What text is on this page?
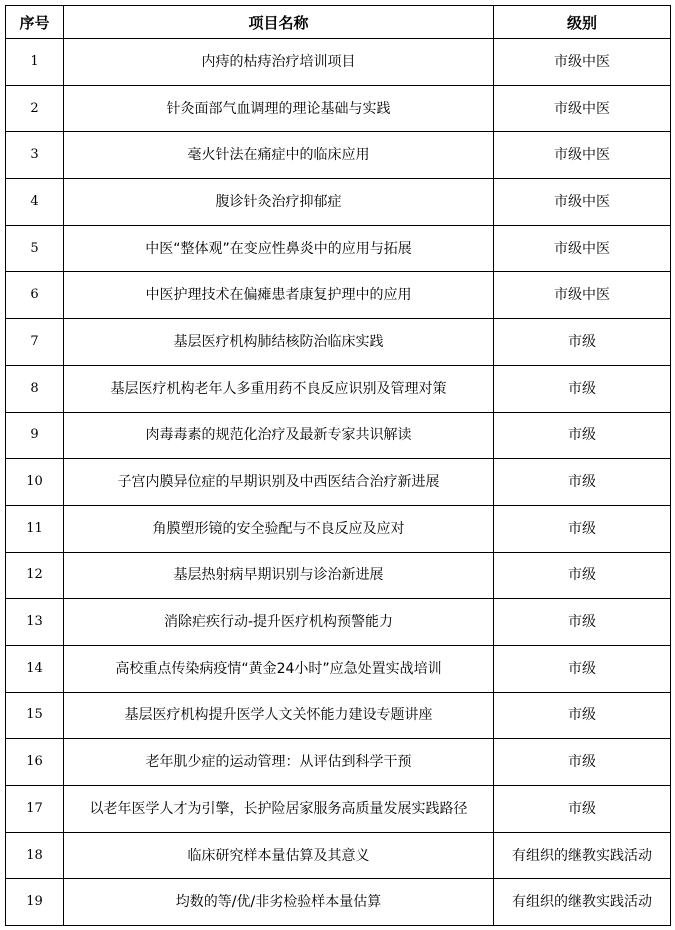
序号	项目名称	级别
1	内痔的枯痔治疗培训项目	市级中医
2	针灸面部气血调理的理论基础与实践	市级中医
3	毫火针法在痛症中的临床应用	市级中医
4	腹诊针灸治疗抑郁症	市级中医
5	中医“整体观”在变应性鼻炎中的应用与拓展	市级中医
6	中医护理技术在偏瘫患者康复护理中的应用	市级中医
7	基层医疗机构肺结核防治临床实践	市级
8	基层医疗机构老年人多重用药不良反应识别及管理对策	市级
9	肉毒毒素的规范化治疗及最新专家共识解读	市级
10	子宫内膜异位症的早期识别及中西医结合治疗新进展	市级
11	角膜塑形镜的安全验配与不良反应及应对	市级
12	基层热射病早期识别与诊治新进展	市级
13	消除疟疾行动-提升医疗机构预警能力	市级
14	高校重点传染病疫情“黄金24小时”应急处置实战培训	市级
15	基层医疗机构提升医学人文关怀能力建设专题讲座	市级
16	老年肌少症的运动管理：从评估到科学干预	市级
17	以老年医学人才为引擎，长护险居家服务高质量发展实践路径	市级
18	临床研究样本量估算及其意义	有组织的继教实践活动
19	均数的等/优/非劣检验样本量估算	有组织的继教实践活动
